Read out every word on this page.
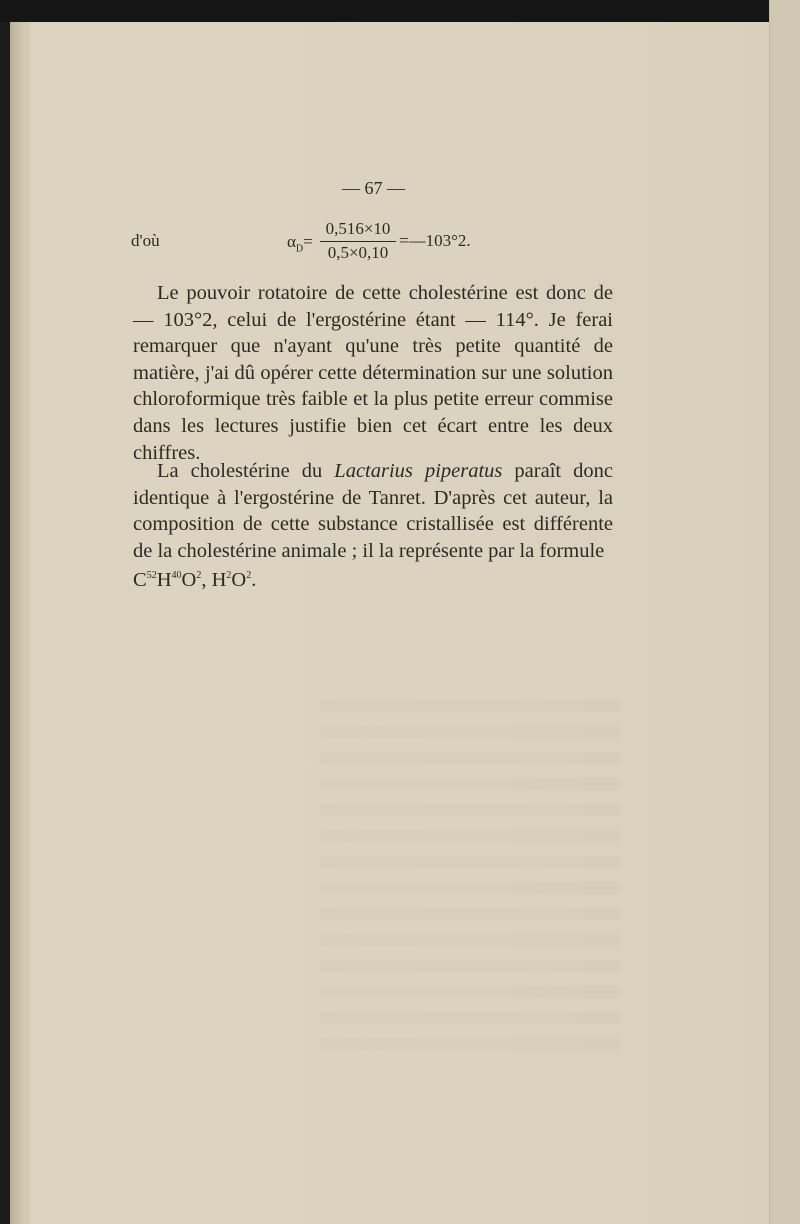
— 67 —
d'où	$\alpha_D=$
0,516×10
0,5×0,10
=—103°2.

Le pouvoir rotatoire de cette cholestérine est donc de — 103°2, celui de l'ergostérine étant — 114°. Je ferai remarquer que n'ayant qu'une très petite quantité de matière, j'ai dû opérer cette détermination sur une solution chloroformique très faible et la plus petite erreur commise dans les lectures justifie bien cet écart entre les deux chiffres.

La cholestérine du Lactarius piperatus paraît donc identique à l'ergostérine de Tanret. D'après cet auteur, la composition de cette substance cristallisée est différente de la cholestérine animale ; il la représente par la formule

$C^{52}H^{40}O^2$, $H^2O^2$.
